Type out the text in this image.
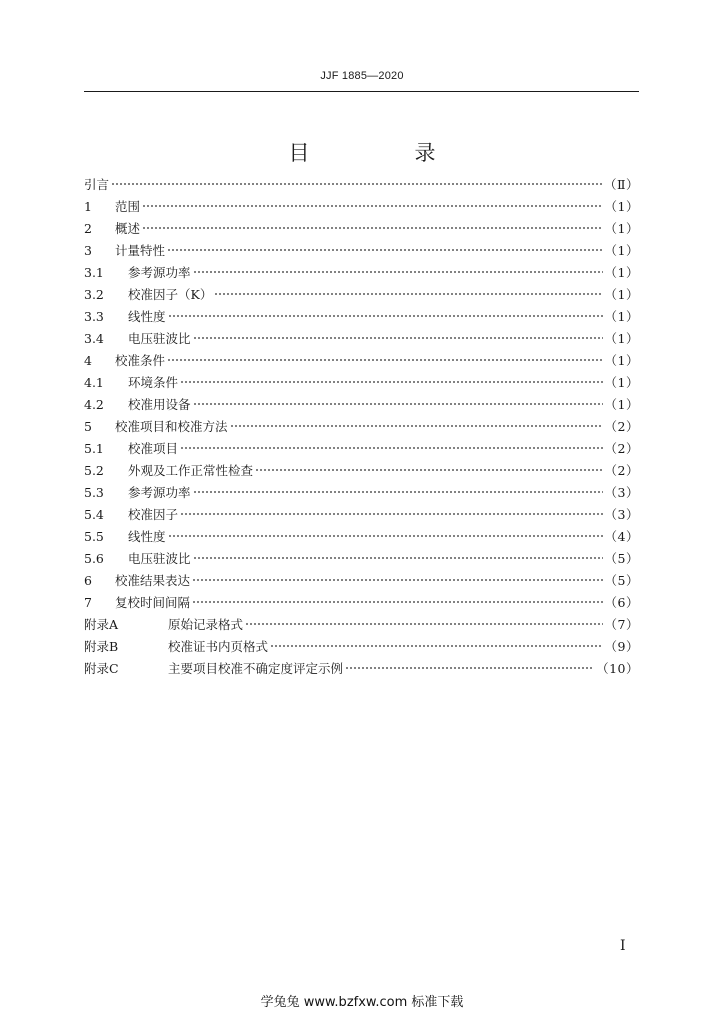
JJF 1885—2020
目　录
引言	（Ⅱ）
1	范围	（1）
2	概述	（1）
3	计量特性	（1）
3.1	参考源功率	（1）
3.2	校准因子（K）	（1）
3.3	线性度	（1）
3.4	电压驻波比	（1）
4	校准条件	（1）
4.1	环境条件	（1）
4.2	校准用设备	（1）
5	校准项目和校准方法	（2）
5.1	校准项目	（2）
5.2	外观及工作正常性检查	（2）
5.3	参考源功率	（3）
5.4	校准因子	（3）
5.5	线性度	（4）
5.6	电压驻波比	（5）
6	校准结果表达	（5）
7	复校时间间隔	（6）
附录A	原始记录格式	（7）
附录B	校准证书内页格式	（9）
附录C	主要项目校准不确定度评定示例	（10）
I
学兔兔 www.bzfxw.com 标准下载
